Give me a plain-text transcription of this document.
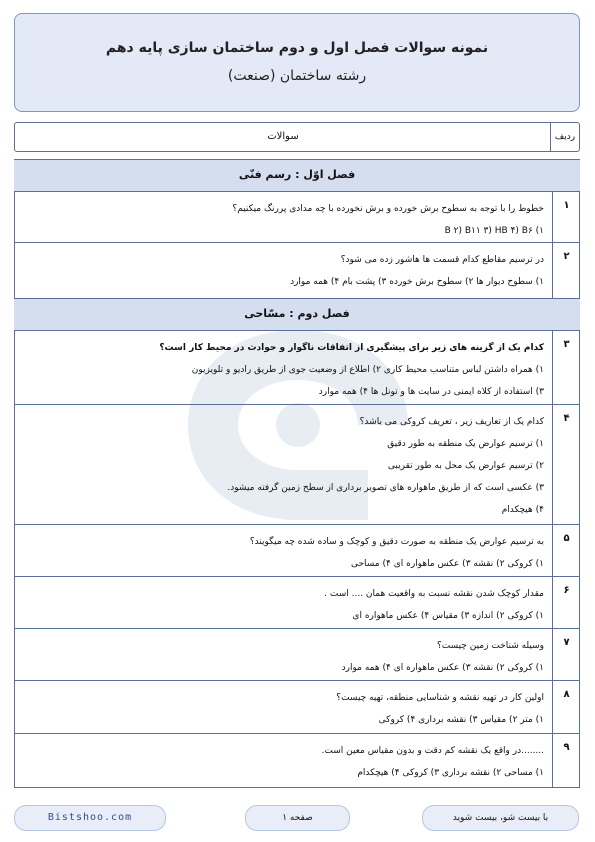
نمونه سوالات فصل اول و دوم ساختمان سازی پایه دهم
رشته ساختمان (صنعت)
ردیف
سوالات
فصل اوّل : رسم فنّی
۱
خطوط را با توجه به سطوح برش خورده و برش نخورده با چه مدادی پررنگ میکنیم؟
۱) B ۲) B۱۱ ۳) HB ۴) B۶
۲
در ترسیم مقاطع کدام قسمت ها هاشور زده می شود؟
۱) سطوح دیوار ها ۲) سطوح برش خورده ۳) پشت بام ۴) همه موارد
فصل دوم : مسّاحی
۳
کدام یک از گزینه های زیر برای پیشگیری از اتفاقات ناگوار و حوادث در محیط کار است؟
۱) همراه داشتن لباس متناسب محیط کاری ۲) اطلاع از وضعیت جوی از طریق رادیو و تلویزیون
۳) استفاده از کلاه ایمنی در سایت ها و تونل ها ۴) همه موارد
۴
کدام یک از تعاریف زیر ، تعریف کروکی می باشد؟
۱) ترسیم عوارض یک منطقه به طور دقیق
۲) ترسیم عوارض یک محل به طور تقریبی
۳) عکسی است که از طریق ماهواره های تصویر برداری از سطح زمین گرفته میشود.
۴) هیچکدام
۵
به ترسیم عوارض یک منطقه به صورت دقیق و کوچک و ساده شده چه میگویند؟
۱) کروکی ۲) نقشه ۳) عکس ماهواره ای ۴) مساحی
۶
مقدار کوچک شدن نقشه نسبت به واقعیت همان .... است .
۱) کروکی ۲) اندازه ۳) مقیاس ۴) عکس ماهواره ای
۷
وسیله شناخت زمین چیست؟
۱) کروکی ۲) نقشه ۳) عکس ماهواره ای ۴) همه موارد
۸
اولین کار در تهیه نقشه و شناسایی منطقه، تهیه چیست؟
۱) متر ۲) مقیاس ۳) نقشه برداری ۴) کروکی
۹
........در واقع یک نقشه کم دقت و بدون مقیاس معین است.
۱) مساحی ۲) نقشه برداری ۳) کروکی ۴) هیچکدام
Bistshoo.com	صفحه ۱	با بیست شو، بیست شوید
